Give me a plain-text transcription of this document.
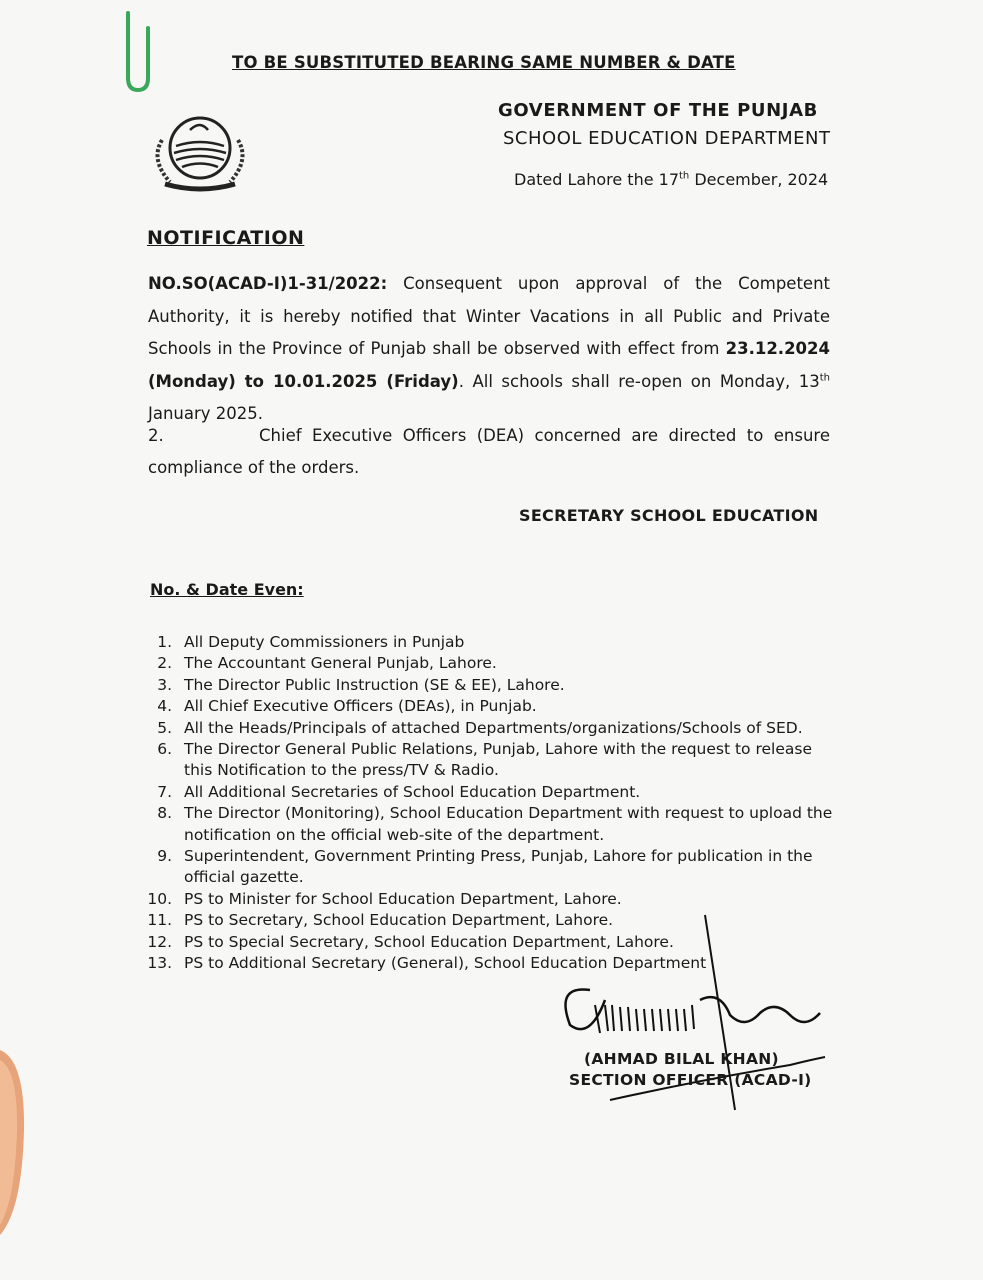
TO BE SUBSTITUTED BEARING SAME NUMBER & DATE
GOVERNMENT OF THE PUNJAB
SCHOOL EDUCATION DEPARTMENT
Dated Lahore the 17th December, 2024
NOTIFICATION
NO.SO(ACAD-I)1-31/2022: Consequent upon approval of the Competent Authority, it is hereby notified that Winter Vacations in all Public and Private Schools in the Province of Punjab shall be observed with effect from 23.12.2024 (Monday) to 10.01.2025 (Friday). All schools shall re-open on Monday, 13th January 2025.
2.	Chief Executive Officers (DEA) concerned are directed to ensure compliance of the orders.
SECRETARY SCHOOL EDUCATION
No. & Date Even:
1. All Deputy Commissioners in Punjab
2. The Accountant General Punjab, Lahore.
3. The Director Public Instruction (SE & EE), Lahore.
4. All Chief Executive Officers (DEAs), in Punjab.
5. All the Heads/Principals of attached Departments/organizations/Schools of SED.
6. The Director General Public Relations, Punjab, Lahore with the request to release this Notification to the press/TV & Radio.
7. All Additional Secretaries of School Education Department.
8. The Director (Monitoring), School Education Department with request to upload the notification on the official web-site of the department.
9. Superintendent, Government Printing Press, Punjab, Lahore for publication in the official gazette.
10. PS to Minister for School Education Department, Lahore.
11. PS to Secretary, School Education Department, Lahore.
12. PS to Special Secretary, School Education Department, Lahore.
13. PS to Additional Secretary (General), School Education Department
(AHMAD BILAL KHAN)
SECTION OFFICER (ACAD-I)
